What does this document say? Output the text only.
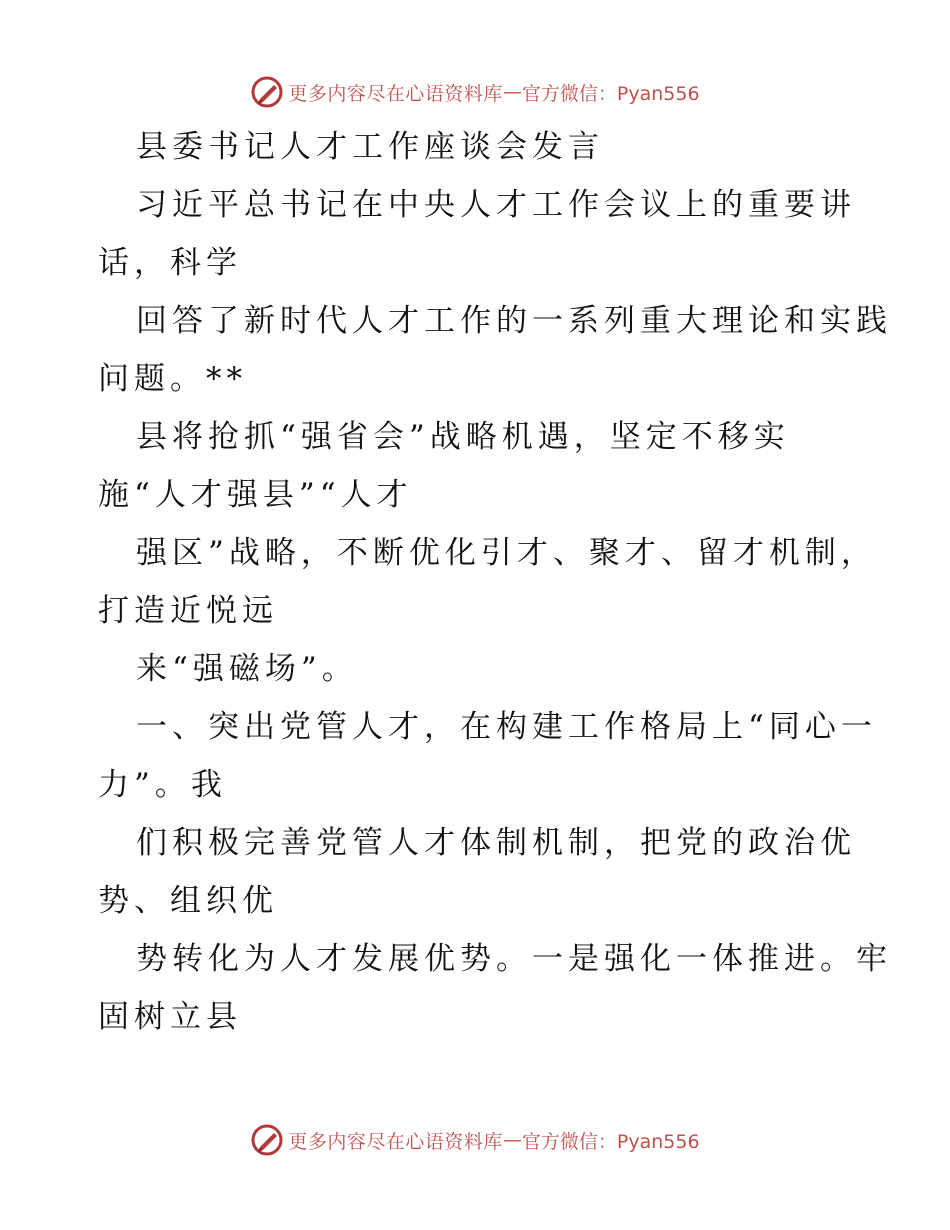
更多内容尽在心语资料库 — 官方微信：Pyan556
县委书记人才工作座谈会发言
习近平总书记在中央人才工作会议上的重要讲
话，科学
回答了新时代人才工作的一系列重大理论和实践
问题。**
县将抢抓“强省会”战略机遇，坚定不移实
施“人才强县”“人才
强区”战略，不断优化引才、聚才、留才机制，
打造近悦远
来“强磁场”。
一、突出党管人才，在构建工作格局上“同心一
力”。我
们积极完善党管人才体制机制，把党的政治优
势、组织优
势转化为人才发展优势。一是强化一体推进。牢
固树立县
更多内容尽在心语资料库 — 官方微信：Pyan556
